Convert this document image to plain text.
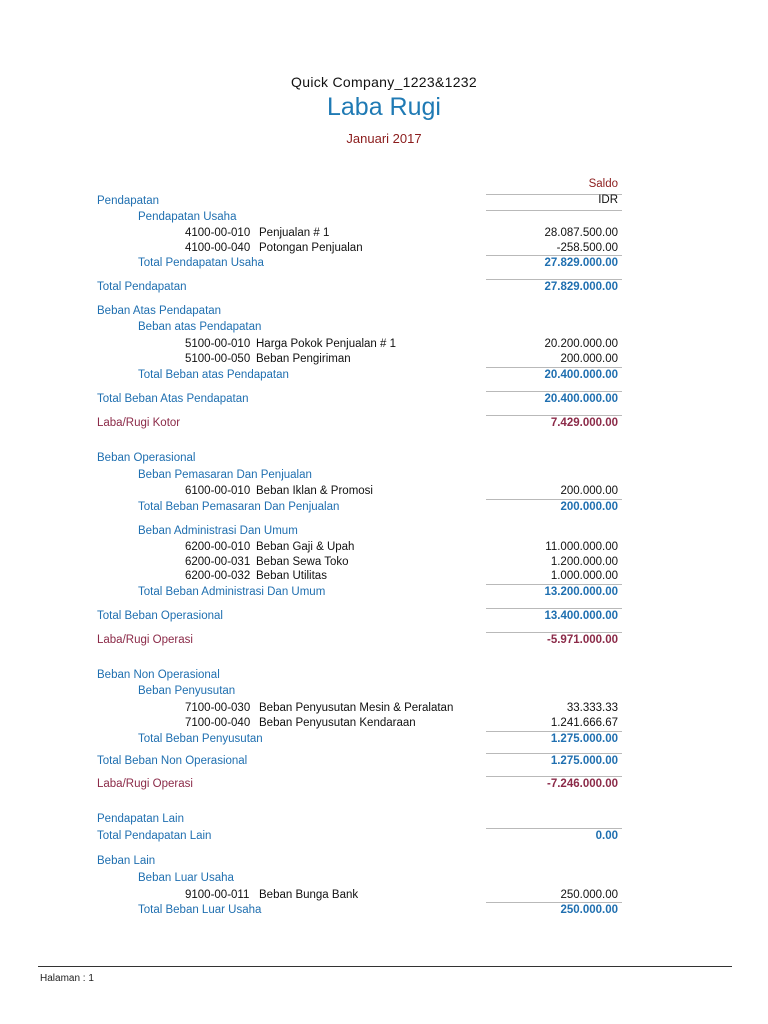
Quick Company_1223&1232
Laba Rugi
Januari 2017
Saldo
IDR
Pendapatan
Pendapatan Usaha
4100-00-010 Penjualan # 1	28.087.500.00
4100-00-040 Potongan Penjualan	-258.500.00
Total Pendapatan Usaha	27.829.000.00
Total Pendapatan	27.829.000.00
Beban Atas Pendapatan
Beban atas Pendapatan
5100-00-010 Harga Pokok Penjualan # 1	20.200.000.00
5100-00-050 Beban Pengiriman	200.000.00
Total Beban atas Pendapatan	20.400.000.00
Total Beban Atas Pendapatan	20.400.000.00
Laba/Rugi Kotor	7.429.000.00
Beban Operasional
Beban Pemasaran Dan Penjualan
6100-00-010 Beban Iklan & Promosi	200.000.00
Total Beban Pemasaran Dan Penjualan	200.000.00
Beban Administrasi Dan Umum
6200-00-010 Beban Gaji & Upah	11.000.000.00
6200-00-031 Beban Sewa Toko	1.200.000.00
6200-00-032 Beban Utilitas	1.000.000.00
Total Beban Administrasi Dan Umum	13.200.000.00
Total Beban Operasional	13.400.000.00
Laba/Rugi Operasi	-5.971.000.00
Beban Non Operasional
Beban Penyusutan
7100-00-030 Beban Penyusutan Mesin & Peralatan	33.333.33
7100-00-040 Beban Penyusutan Kendaraan	1.241.666.67
Total Beban Penyusutan	1.275.000.00
Total Beban Non Operasional	1.275.000.00
Laba/Rugi Operasi	-7.246.000.00
Pendapatan Lain
Total Pendapatan Lain	0.00
Beban Lain
Beban Luar Usaha
9100-00-011 Beban Bunga Bank	250.000.00
Total Beban Luar Usaha	250.000.00
Halaman : 1
